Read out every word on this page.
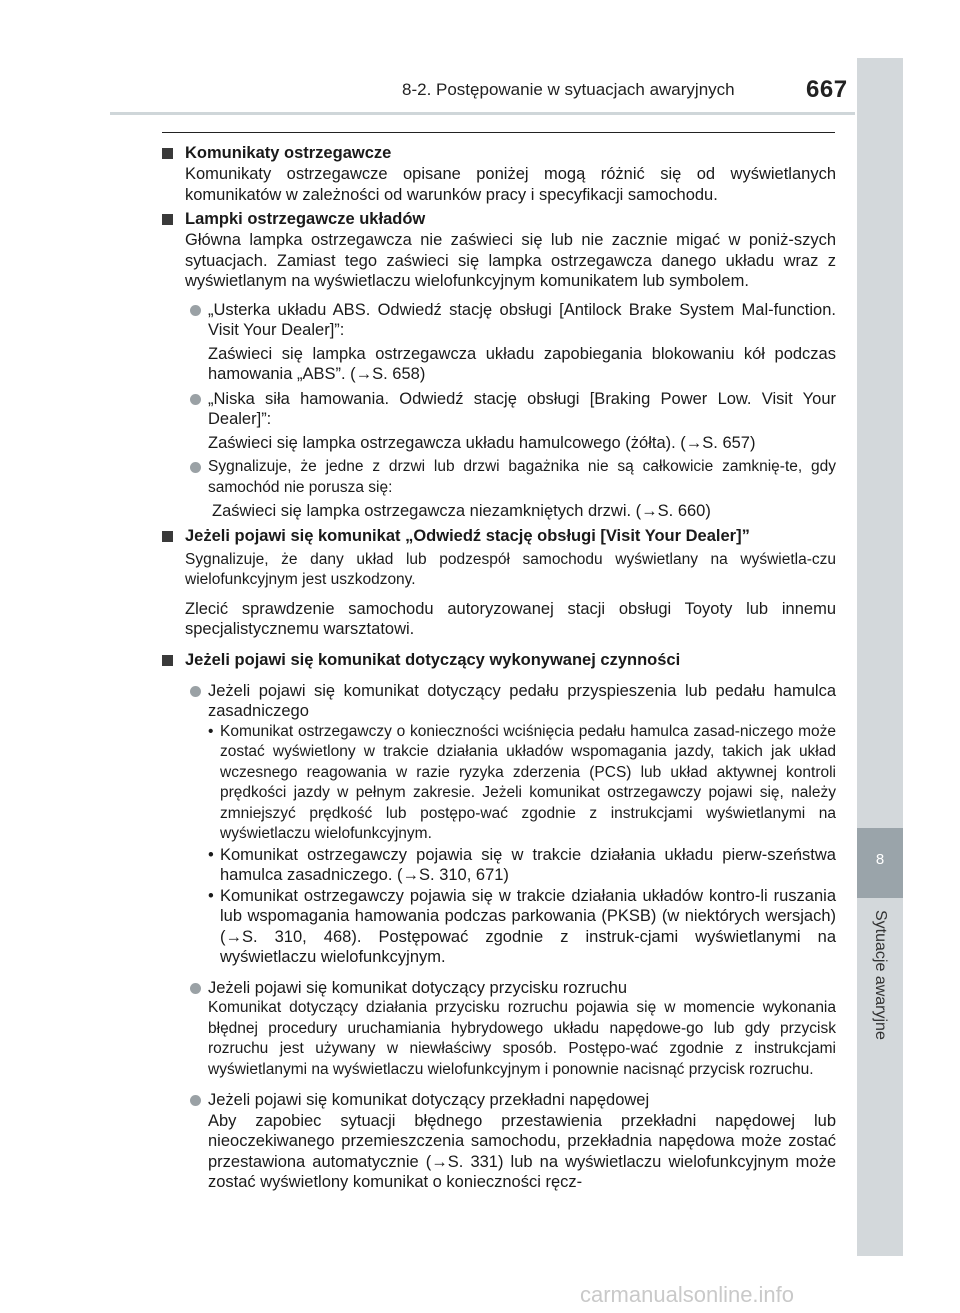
8-2. Postępowanie w sytuacjach awaryjnych	667
8
Sytuacje awaryjne
Komunikaty ostrzegawcze
Komunikaty ostrzegawcze opisane poniżej mogą różnić się od wyświetlanych komunikatów w zależności od warunków pracy i specyfikacji samochodu.
Lampki ostrzegawcze układów
Główna lampka ostrzegawcza nie zaświeci się lub nie zacznie migać w poniż-szych sytuacjach. Zamiast tego zaświeci się lampka ostrzegawcza danego układu wraz z wyświetlanym na wyświetlaczu wielofunkcyjnym komunikatem lub symbolem.
„Usterka układu ABS. Odwiedź stację obsługi [Antilock Brake System Mal-function. Visit Your Dealer]”:
Zaświeci się lampka ostrzegawcza układu zapobiegania blokowaniu kół podczas hamowania „ABS”. (→S. 658)
„Niska siła hamowania. Odwiedź stację obsługi [Braking Power Low. Visit Your Dealer]”:
Zaświeci się lampka ostrzegawcza układu hamulcowego (żółta). (→S. 657)
Sygnalizuje, że jedne z drzwi lub drzwi bagażnika nie są całkowicie zamknię-te, gdy samochód nie porusza się:
Zaświeci się lampka ostrzegawcza niezamkniętych drzwi. (→S. 660)
Jeżeli pojawi się komunikat „Odwiedź stację obsługi [Visit Your Dealer]”
Sygnalizuje, że dany układ lub podzespół samochodu wyświetlany na wyświetla-czu wielofunkcyjnym jest uszkodzony.
Zlecić sprawdzenie samochodu autoryzowanej stacji obsługi Toyoty lub innemu specjalistycznemu warsztatowi.
Jeżeli pojawi się komunikat dotyczący wykonywanej czynności
Jeżeli pojawi się komunikat dotyczący pedału przyspieszenia lub pedału hamulca zasadniczego
• Komunikat ostrzegawczy o konieczności wciśnięcia pedału hamulca zasad-niczego może zostać wyświetlony w trakcie działania układów wspomagania jazdy, takich jak układ wczesnego reagowania w razie ryzyka zderzenia (PCS) lub układ aktywnej kontroli prędkości jazdy w pełnym zakresie. Jeżeli komunikat ostrzegawczy pojawi się, należy zmniejszyć prędkość lub postępo-wać zgodnie z instrukcjami wyświetlanymi na wyświetlaczu wielofunkcyjnym.
• Komunikat ostrzegawczy pojawia się w trakcie działania układu pierw-szeństwa hamulca zasadniczego. (→S. 310, 671)
• Komunikat ostrzegawczy pojawia się w trakcie działania układów kontro-li ruszania lub wspomagania hamowania podczas parkowania (PKSB) (w niektórych wersjach) (→S. 310, 468). Postępować zgodnie z instruk-cjami wyświetlanymi na wyświetlaczu wielofunkcyjnym.
Jeżeli pojawi się komunikat dotyczący przycisku rozruchu
Komunikat dotyczący działania przycisku rozruchu pojawia się w momencie wykonania błędnej procedury uruchamiania hybrydowego układu napędowe-go lub gdy przycisk rozruchu jest używany w niewłaściwy sposób. Postępo-wać zgodnie z instrukcjami wyświetlanymi na wyświetlaczu wielofunkcyjnym i ponownie nacisnąć przycisk rozruchu.
Jeżeli pojawi się komunikat dotyczący przekładni napędowej
Aby zapobiec sytuacji błędnego przestawienia przekładni napędowej lub nieoczekiwanego przemieszczenia samochodu, przekładnia napędowa może zostać przestawiona automatycznie (→S. 331) lub na wyświetlaczu wielofunkcyjnym może zostać wyświetlony komunikat o konieczności ręcz-
carmanualsonline.info
